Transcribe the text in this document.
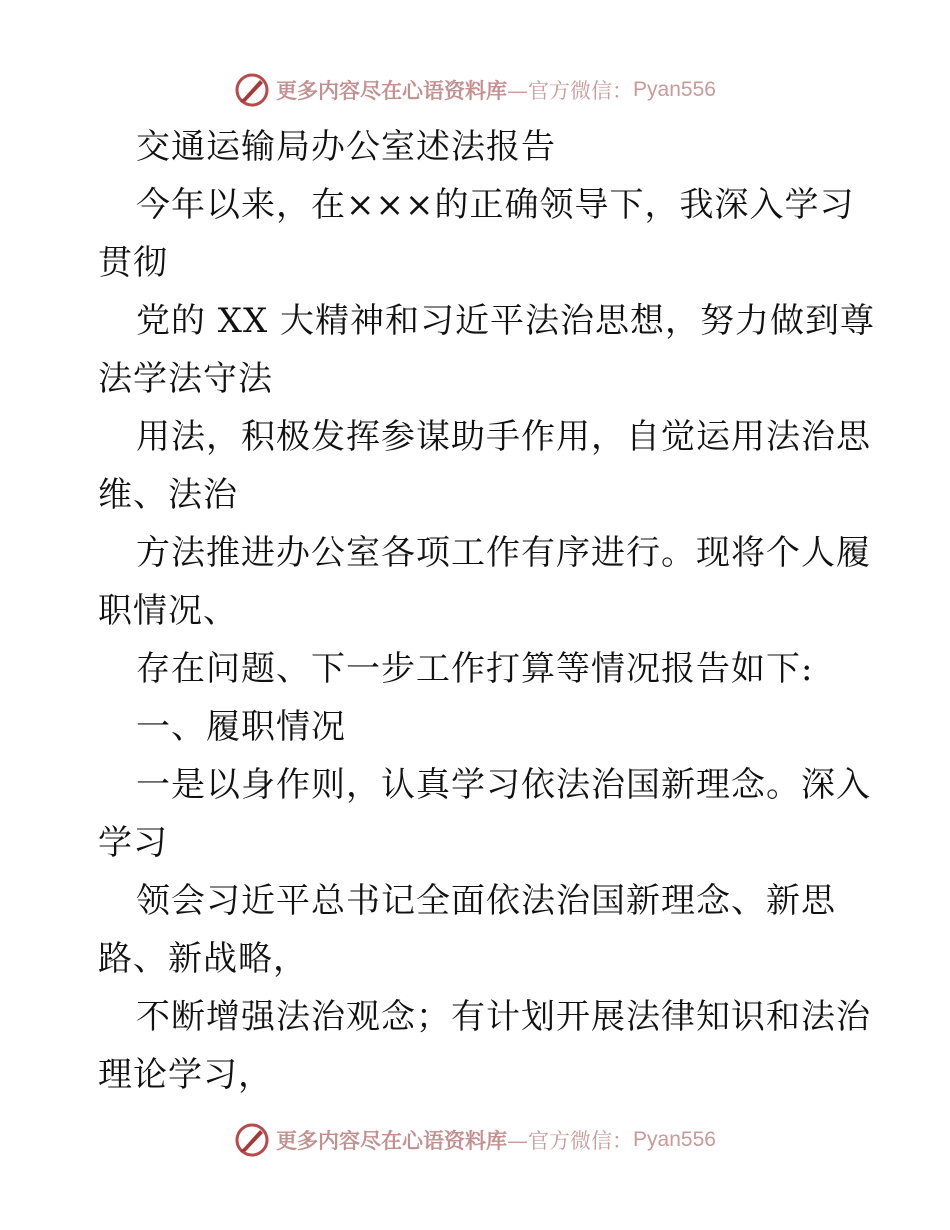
更多内容尽在心语资料库—官方微信： Pyan556
交通运输局办公室述法报告
今年以来，在×××的正确领导下，我深入学习
贯彻
党的 XX 大精神和习近平法治思想，努力做到尊
法学法守法
用法，积极发挥参谋助手作用，自觉运用法治思
维、法治
方法推进办公室各项工作有序进行。现将个人履
职情况、
存在问题、下一步工作打算等情况报告如下:
一、履职情况
一是以身作则，认真学习依法治国新理念。深入
学习
领会习近平总书记全面依法治国新理念、新思
路、新战略，
不断增强法治观念；有计划开展法律知识和法治
理论学习，
更多内容尽在心语资料库—官方微信： Pyan556
